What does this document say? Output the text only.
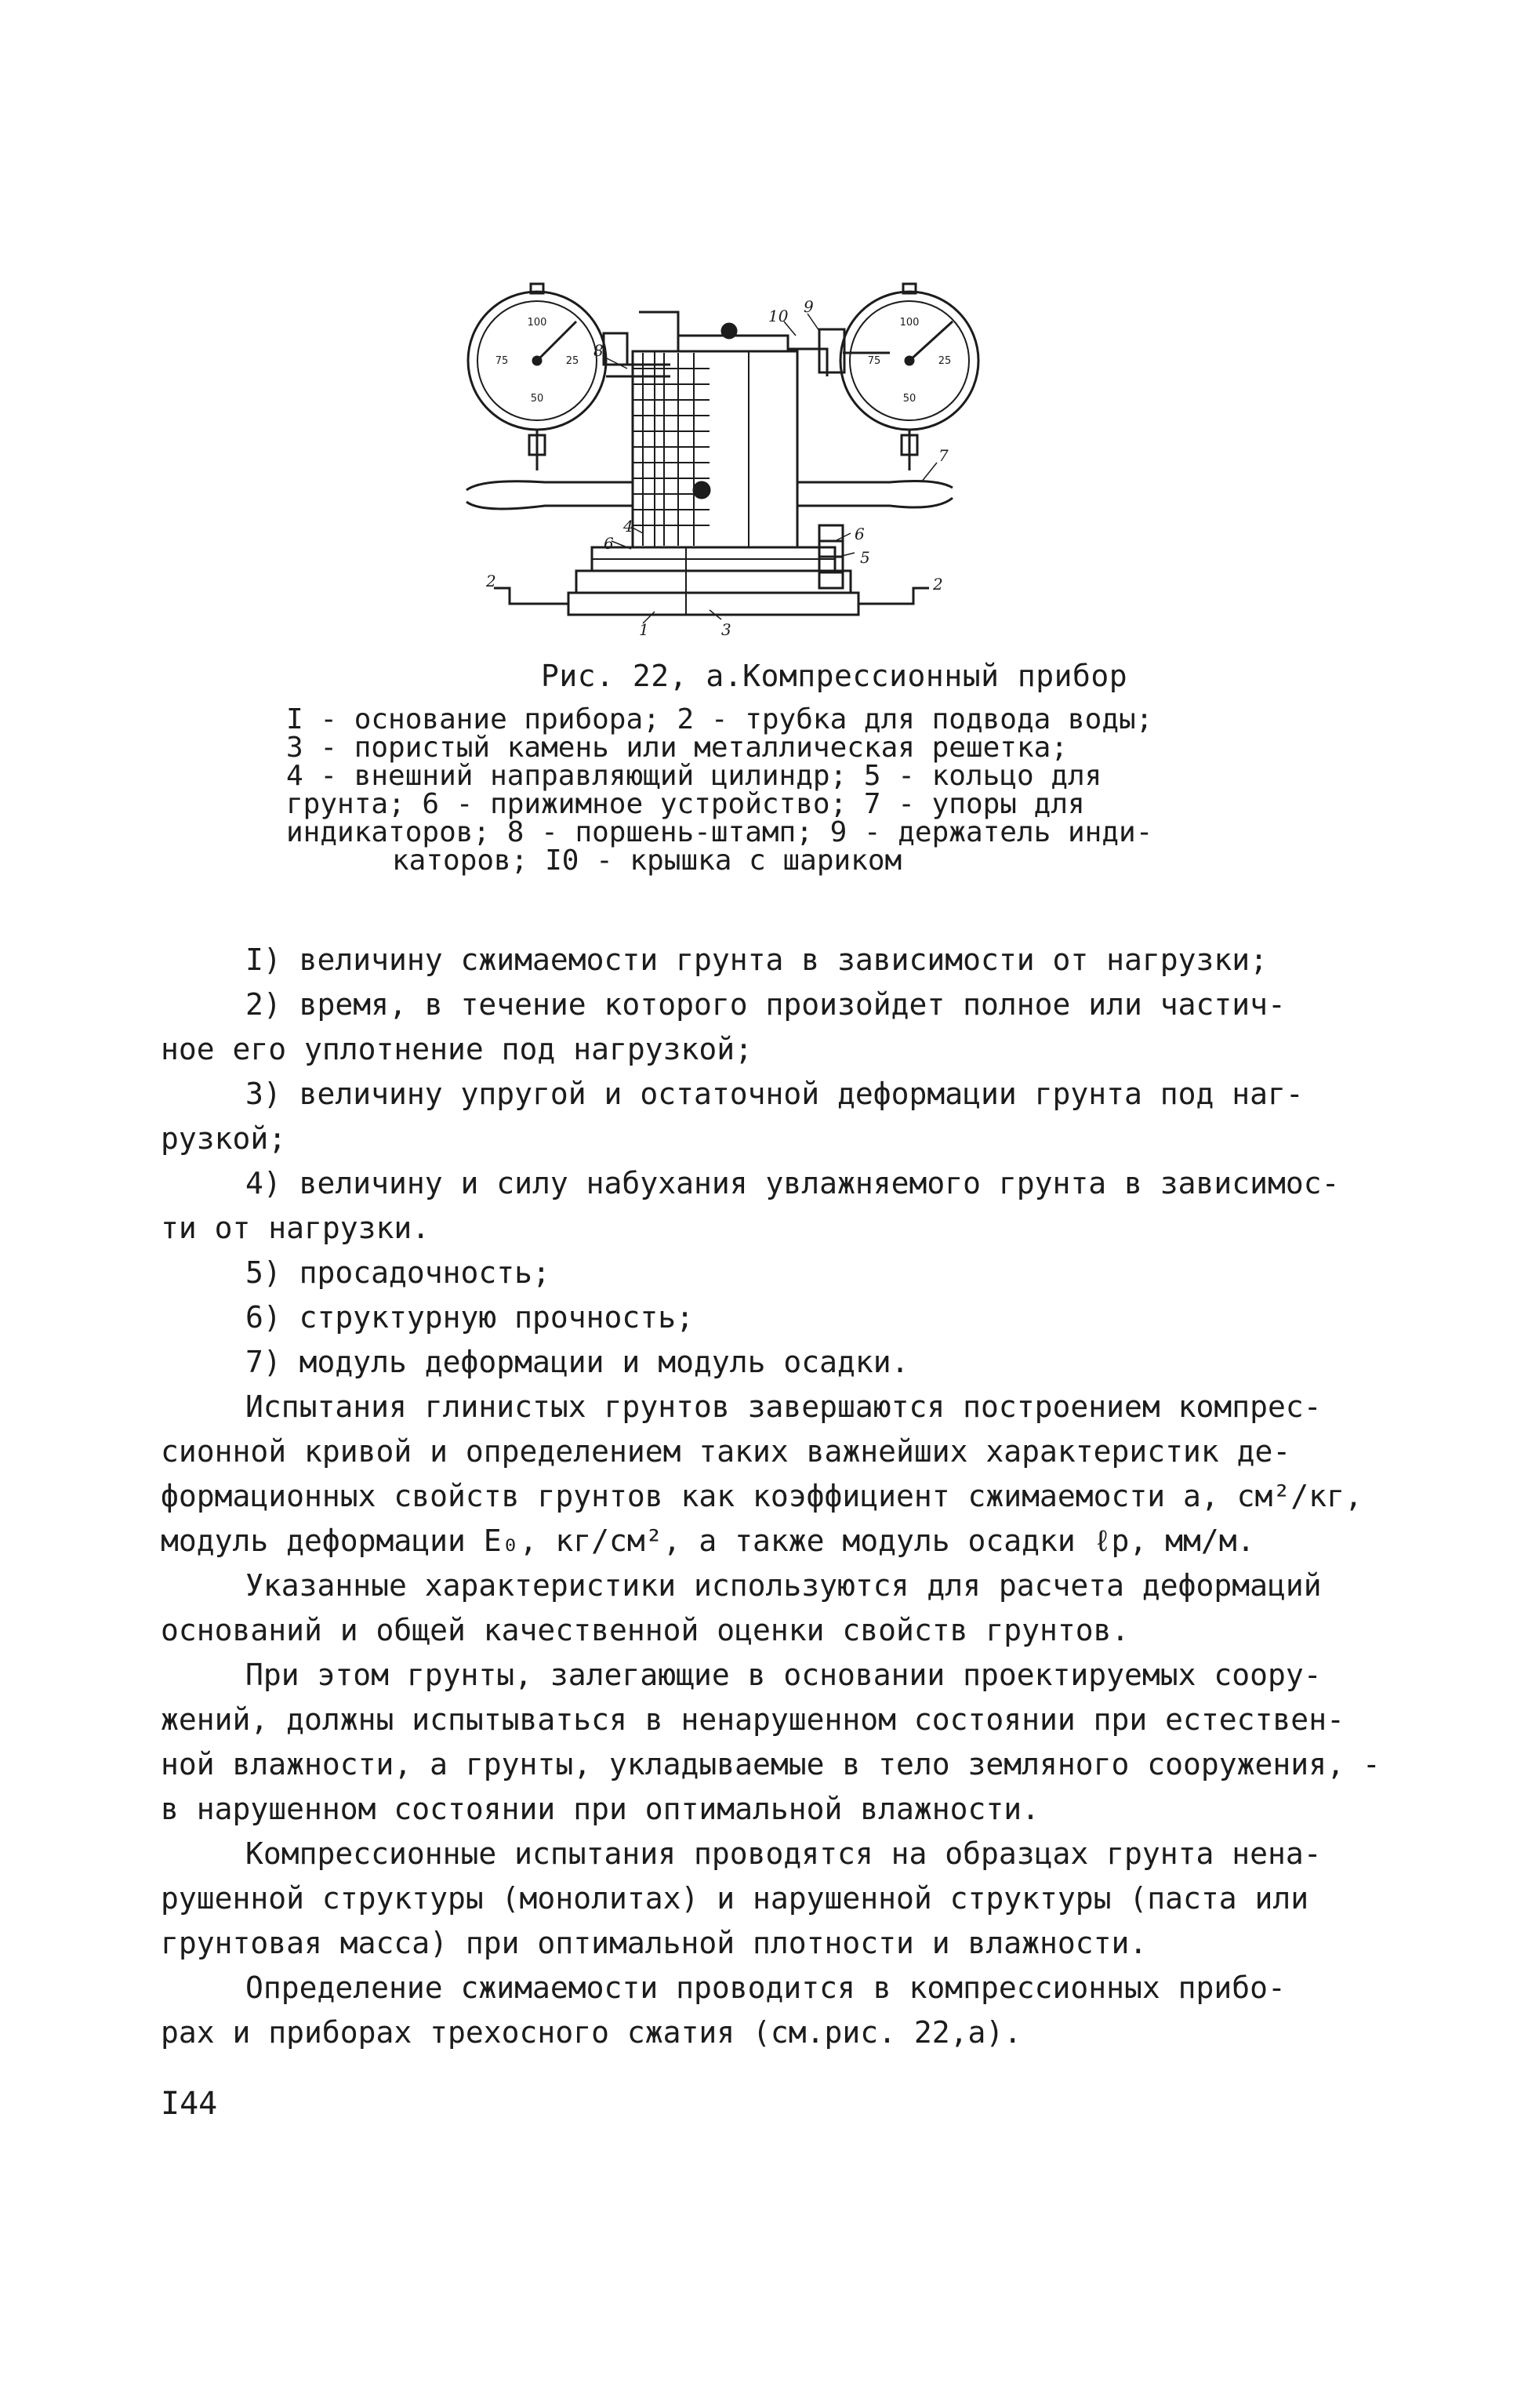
100
75	25
50
100
75	25
50
1
2	2
3
4
5
6	6
7
8
9
10
Рис. 22, а.Компрессионный прибор
I - основание прибора; 2 - трубка для подвода воды;
3 - пористый камень или металлическая решетка;
4 - внешний направляющий цилиндр; 5 - кольцо для
грунта; 6 - прижимное устройство; 7 - упоры для
индикаторов; 8 - поршень-штамп; 9 - держатель инди-
каторов; I0 - крышка с шариком
I) величину сжимаемости грунта в зависимости от нагрузки;
2) время, в течение которого произойдет полное или частич-
ное его уплотнение под нагрузкой;
3) величину упругой и остаточной деформации грунта под наг-
рузкой;
4) величину и силу набухания увлажняемого грунта в зависимос-
ти от нагрузки.
5) просадочность;
6) структурную прочность;
7) модуль деформации и модуль осадки.
Испытания глинистых грунтов завершаются построением компрес-
сионной кривой и определением таких важнейших характеристик де-
формационных свойств грунтов как коэффициент сжимаемости а, см²/кг,
модуль деформации E₀, кг/см², а также модуль осадки ℓр, мм/м.
Указанные характеристики используются для расчета деформаций
оснований и общей качественной оценки свойств грунтов.
При этом грунты, залегающие в основании проектируемых соору-
жений, должны испытываться в ненарушенном состоянии при естествен-
ной влажности, а грунты, укладываемые в тело земляного сооружения, -
в нарушенном состоянии при оптимальной влажности.
Компрессионные испытания проводятся на образцах грунта нена-
рушенной структуры (монолитах) и нарушенной структуры (паста или
грунтовая масса) при оптимальной плотности и влажности.
Определение сжимаемости проводится в компрессионных прибо-
рах и приборах трехосного сжатия (см.рис. 22,а).
I44
